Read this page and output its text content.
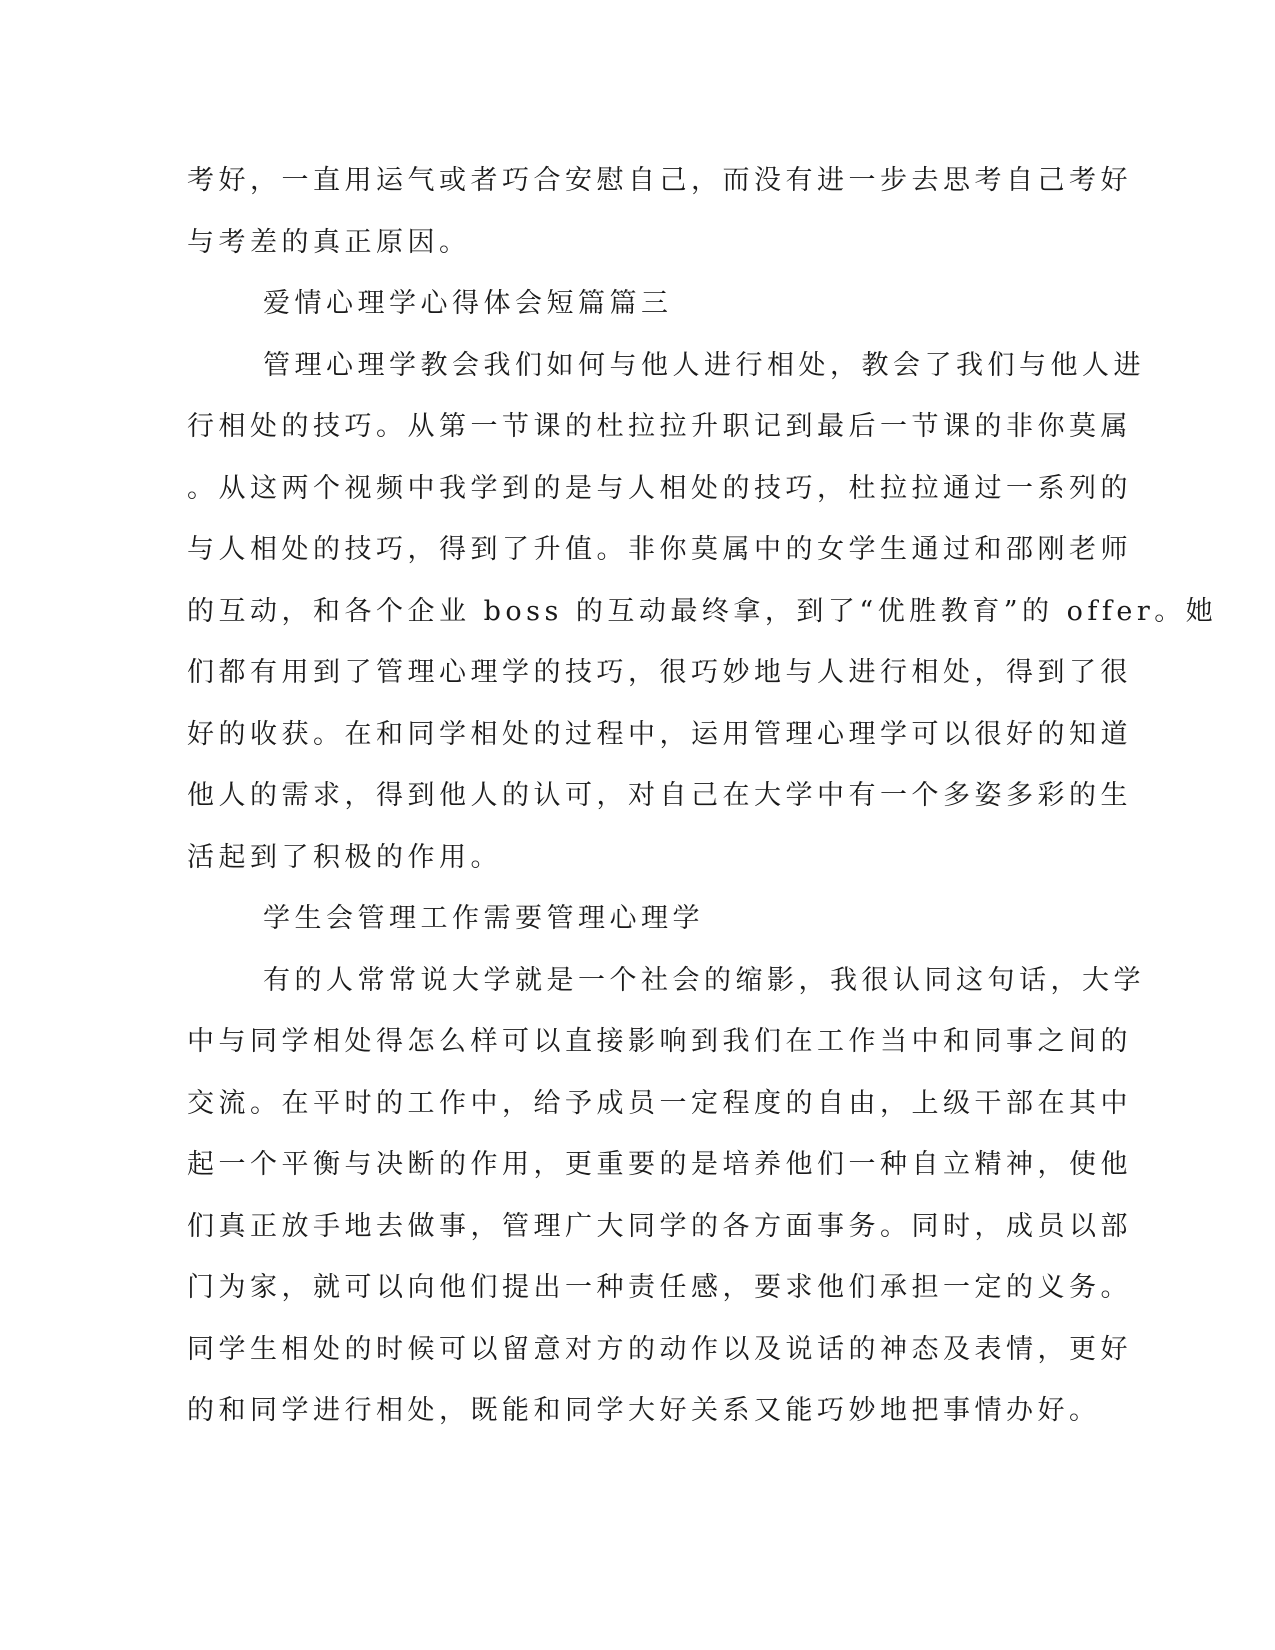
考好，一直用运气或者巧合安慰自己，而没有进一步去思考自己考好
与考差的真正原因。
爱情心理学心得体会短篇篇三
管理心理学教会我们如何与他人进行相处，教会了我们与他人进
行相处的技巧。从第一节课的杜拉拉升职记到最后一节课的非你莫属
。从这两个视频中我学到的是与人相处的技巧，杜拉拉通过一系列的
与人相处的技巧，得到了升值。非你莫属中的女学生通过和邵刚老师
的互动，和各个企业 boss 的互动最终拿，到了“优胜教育”的 offer。她
们都有用到了管理心理学的技巧，很巧妙地与人进行相处，得到了很
好的收获。在和同学相处的过程中，运用管理心理学可以很好的知道
他人的需求，得到他人的认可，对自己在大学中有一个多姿多彩的生
活起到了积极的作用。
学生会管理工作需要管理心理学
有的人常常说大学就是一个社会的缩影，我很认同这句话，大学
中与同学相处得怎么样可以直接影响到我们在工作当中和同事之间的
交流。在平时的工作中，给予成员一定程度的自由，上级干部在其中
起一个平衡与决断的作用，更重要的是培养他们一种自立精神，使他
们真正放手地去做事，管理广大同学的各方面事务。同时，成员以部
门为家，就可以向他们提出一种责任感，要求他们承担一定的义务。
同学生相处的时候可以留意对方的动作以及说话的神态及表情，更好
的和同学进行相处，既能和同学大好关系又能巧妙地把事情办好。
